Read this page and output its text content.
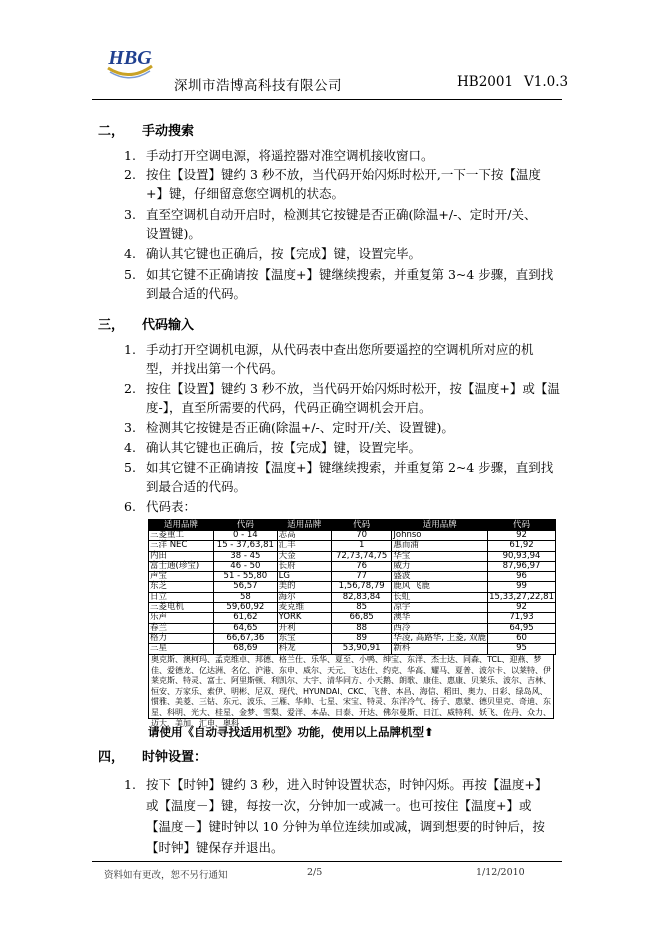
HBG
深圳市浩博高科技有限公司	HB2001 V1.0.3
二， 手动搜索
1. 手动打开空调电源，将遥控器对准空调机接收窗口。
2. 按住【设置】键约 3 秒不放，当代码开始闪烁时松开,一下一下按【温度
+】键，仔细留意您空调机的状态。
3. 直至空调机自动开启时，检测其它按键是否正确(除温+/-、定时开/关、
设置键)。
4. 确认其它键也正确后，按【完成】键，设置完毕。
5. 如其它键不正确请按【温度+】键继续搜索，并重复第 3~4 步骤，直到找
到最合适的代码。
三， 代码输入
1. 手动打开空调机电源，从代码表中查出您所要遥控的空调机所对应的机
型，并找出第一个代码。
2. 按住【设置】键约 3 秒不放，当代码开始闪烁时松开，按【温度+】或【温
度-】，直至所需要的代码，代码正确空调机会开启。
3. 检测其它按键是否正确(除温+/-、定时开/关、设置键)。
4. 确认其它键也正确后，按【完成】键，设置完毕。
5. 如其它键不正确请按【温度+】键继续搜索，并重复第 2~4 步骤，直到找
到最合适的代码。
6. 代码表：
适用品牌	代码	适用品牌	代码	适用品牌	代码
三菱重工	0 - 14	志高	70	Johnso	92
三洋 NEC	15 - 37,63,81	汇丰	1	惠而浦	61,92
内田	38 - 45	大金	72,73,74,75	华宝	90,93,94
富士通(珍宝)	46 - 50	长府	76	威力	87,96,97
声宝	51 - 55,80	LG	77	盛波	96
东芝	56,57	美的	1,56,78,79	鹿风 飞鹿	99
日立	58	海尔	82,83,84	长虹	15,33,27,22,81
三菱电机	59,60,92	麦克维	85	凉宇	92
乐声	61,62	YORK	66,85	澳华	71,93
春兰	64,65	开利	88	西冷	64,95
格力	66,67,36	东宝	89	华凌, 高路华, 上菱, 双鹿	60
三星	68,69	科龙	53,90,91	新科	95
奥克斯、澳柯玛、孟克维卓、邦德、格兰仕、乐华、夏至、小鸭、绅宝、东洋、杰士达、同森、TCL、迎燕、梦佳、爱德龙、亿达洲、名亿、沪港、东申、威尔、天元、飞达仕、约克、华高、耀马、夏普、波尔卡、以莱特、伊莱克斯、特灵、富士、阿里斯顿、利凯尔、大宇、清华同方、小天鹅、朗歌、康佳、惠康、贝莱乐、波尔、吉林、恒安、万家乐、索伊、明彬、尼双、现代、HYUNDAI、CKC、飞普、本昌、海信、稻田、奥力、日彩、绿岛风、惯雅、美菱、三钻、东元、波乐、三雁、华帅、七星、宋宝、特灵、东洋冷气、扬子、惠蒙、德贝里克、奇迪、东星、科明、光大、桂星、金梦、雪梨、爱洋、本品、日泰、开达、佛尔曼斯、日江、威特利、妖飞、佐丹、众力、迈大、美加、汇申、奥科
请使用《自动寻找适用机型》功能，使用以上品牌机型⬆
四， 时钟设置：
1. 按下【时钟】键约 3 秒，进入时钟设置状态，时钟闪烁。再按【温度+】
或【温度－】键，每按一次，分钟加一或减一。也可按住【温度+】或
【温度－】键时钟以 10 分钟为单位连续加或减，调到想要的时钟后，按
【时钟】键保存并退出。
资料如有更改，恕不另行通知	2/5	1/12/2010
